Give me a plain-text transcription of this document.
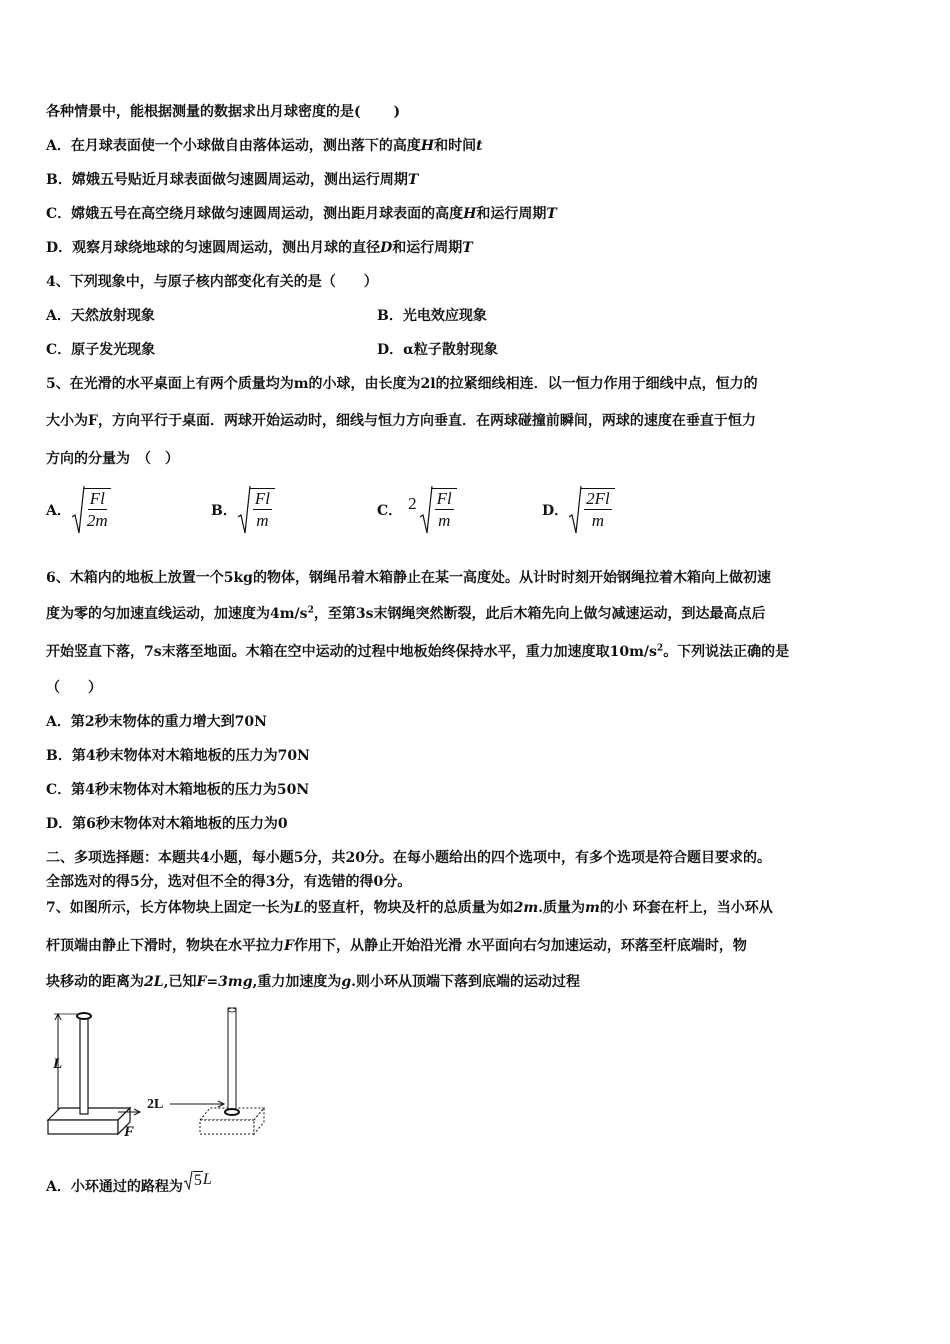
各种情景中，能根据测量的数据求出月球密度的是(　　 )
A．在月球表面使一个小球做自由落体运动，测出落下的高度H和时间t
B．嫦娥五号贴近月球表面做匀速圆周运动，测出运行周期T
C．嫦娥五号在高空绕月球做匀速圆周运动，测出距月球表面的高度H和运行周期T
D．观察月球绕地球的匀速圆周运动，测出月球的直径D和运行周期T
4、下列现象中，与原子核内部变化有关的是（　　）
A．天然放射现象	B．光电效应现象
C．原子发光现象	D．α粒子散射现象
5、在光滑的水平桌面上有两个质量均为m的小球，由长度为2l的拉紧细线相连．以一恒力作用于细线中点，恒力的
大小为F，方向平行于桌面．两球开始运动时，细线与恒力方向垂直．在两球碰撞前瞬间，两球的速度在垂直于恒力
方向的分量为　（　）
A． $\frac{Fl}{2m}$	B． $\frac{Fl}{m}$	C． $2 \frac{Fl}{m}$	D． $\frac{2Fl}{m}$
6、木箱内的地板上放置一个5kg的物体，钢绳吊着木箱静止在某一高度处。从计时时刻开始钢绳拉着木箱向上做初速
度为零的匀加速直线运动，加速度为$4m/s^2$，至第3s末钢绳突然断裂，此后木箱先向上做匀减速运动，到达最高点后
开始竖直下落，7s末落至地面。木箱在空中运动的过程中地板始终保持水平，重力加速度取$10m/s^2$。下列说法正确的是
（　　）
A．第2秒末物体的重力增大到70N
B．第4秒末物体对木箱地板的压力为70N
C．第4秒末物体对木箱地板的压力为50N
D．第6秒末物体对木箱地板的压力为0
二、多项选择题：本题共4小题，每小题5分，共20分。在每小题给出的四个选项中，有多个选项是符合题目要求的。
全部选对的得5分，选对但不全的得3分，有选错的得0分。
7、如图所示，长方体物块上固定一长为L的竖直杆，物块及杆的总质量为如2m.质量为m的小 环套在杆上，当小环从
杆顶端由静止下滑时，物块在水平拉力F作用下，从静止开始沿光滑 水平面向右匀加速运动，环落至杆底端时，物
块移动的距离为2L,已知F=3mg,重力加速度为g.则小环从顶端下落到底端的运动过程
L
F
2L
A．小环通过的路程为 5 L
